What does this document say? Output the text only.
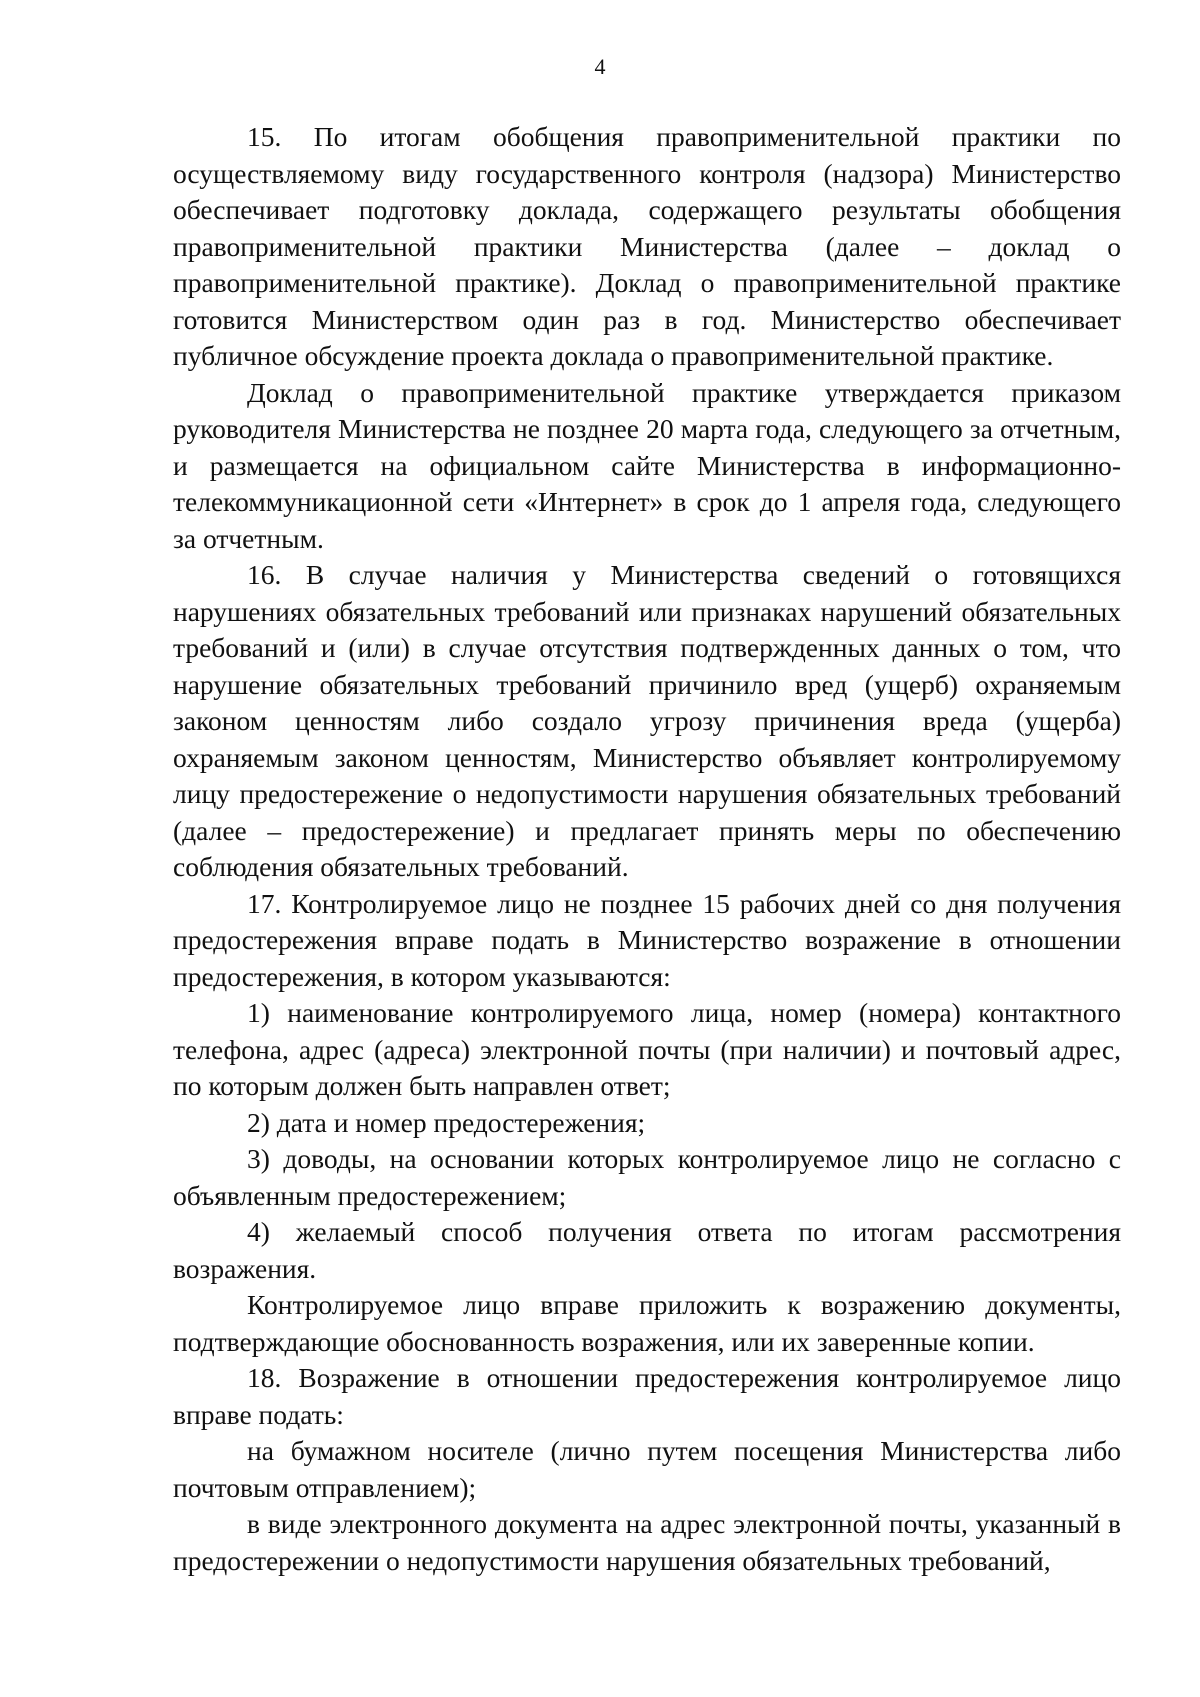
4

15. По итогам обобщения правоприменительной практики по осуществляемому виду государственного контроля (надзора) Министерство обеспечивает подготовку доклада, содержащего результаты обобщения правоприменительной практики Министерства (далее – доклад о правоприменительной практике). Доклад о правоприменительной практике готовится Министерством один раз в год. Министерство обеспечивает публичное обсуждение проекта доклада о правоприменительной практике.

Доклад о правоприменительной практике утверждается приказом руководителя Министерства не позднее 20 марта года, следующего за отчетным, и размещается на официальном сайте Министерства в информационно-телекоммуникационной сети «Интернет» в срок до 1 апреля года, следующего за отчетным.

16. В случае наличия у Министерства сведений о готовящихся нарушениях обязательных требований или признаках нарушений обязательных требований и (или) в случае отсутствия подтвержденных данных о том, что нарушение обязательных требований причинило вред (ущерб) охраняемым законом ценностям либо создало угрозу причинения вреда (ущерба) охраняемым законом ценностям, Министерство объявляет контролируемому лицу предостережение о недопустимости нарушения обязательных требований (далее – предостережение) и предлагает принять меры по обеспечению соблюдения обязательных требований.

17. Контролируемое лицо не позднее 15 рабочих дней со дня получения предостережения вправе подать в Министерство возражение в отношении предостережения, в котором указываются:

1) наименование контролируемого лица, номер (номера) контактного телефона, адрес (адреса) электронной почты (при наличии) и почтовый адрес, по которым должен быть направлен ответ;

2) дата и номер предостережения;

3) доводы, на основании которых контролируемое лицо не согласно с объявленным предостережением;

4) желаемый способ получения ответа по итогам рассмотрения возражения.

Контролируемое лицо вправе приложить к возражению документы, подтверждающие обоснованность возражения, или их заверенные копии.

18. Возражение в отношении предостережения контролируемое лицо вправе подать:

на бумажном носителе (лично путем посещения Министерства либо почтовым отправлением);

в виде электронного документа на адрес электронной почты, указанный в предостережении о недопустимости нарушения обязательных требований,
